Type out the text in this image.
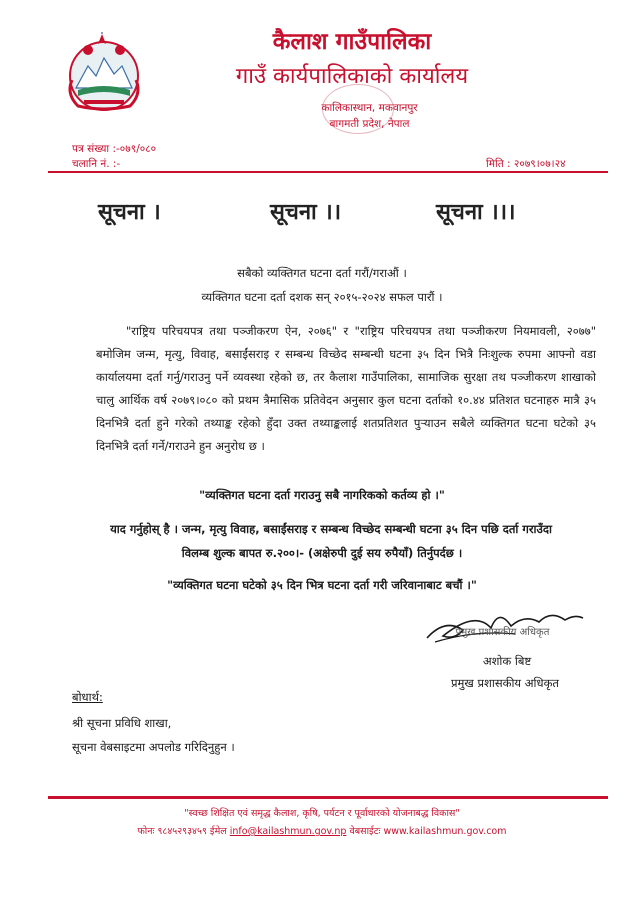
कैलाश गाउँपालिका
गाउँ कार्यपालिकाको कार्यालय
कालिकास्थान, मकवानपुर
बागमती प्रदेश, नेपाल
पत्र संख्या :-०७९/०८०
चलानि नं. :-	मिति : २०७९।०७।२४
सूचना ।	सूचना ।।	सूचना ।।।
सबैको व्यक्तिगत घटना दर्ता गरौं/गराऔं ।
व्यक्तिगत घटना दर्ता दशक सन् २०१५-२०२४ सफल पारौं ।
"राष्ट्रिय परिचयपत्र तथा पञ्जीकरण ऐन, २०७६" र "राष्ट्रिय परिचयपत्र तथा पञ्जीकरण नियमावली, २०७७" बमोजिम जन्म, मृत्यु, विवाह, बसाईंसराइ र सम्बन्ध विच्छेद सम्बन्धी घटना ३५ दिन भित्रै निःशुल्क रुपमा आफ्नो वडा कार्यालयमा दर्ता गर्नु/गराउनु पर्ने व्यवस्था रहेको छ, तर कैलाश गाउँपालिका, सामाजिक सुरक्षा तथ पञ्जीकरण शाखाको चालु आर्थिक वर्ष २०७९।०८० को प्रथम त्रैमासिक प्रतिवेदन अनुसार कुल घटना दर्ताको १०.४४ प्रतिशत घटनाहरु मात्रै ३५ दिनभित्रै दर्ता हुने गरेको तथ्याङ्क रहेको हुँदा उक्त तथ्याङ्कलाई शतप्रतिशत पुऱ्याउन सबैले व्यक्तिगत घटना घटेको ३५ दिनभित्रै दर्ता गर्ने/गराउने हुन अनुरोध छ ।
"व्यक्तिगत घटना दर्ता गराउनु सबै नागरिकको कर्तव्य हो ।"
याद गर्नुहोस् है । जन्म, मृत्यु विवाह, बसाईंसराइ र सम्बन्ध विच्छेद सम्बन्धी घटना ३५ दिन पछि दर्ता गराउँदा
विलम्ब शुल्क बापत रु.२००।- (अक्षेरुपी दुई सय रुपैयाँ) तिर्नुपर्दछ ।
"व्यक्तिगत घटना घटेको ३५ दिन भित्र घटना दर्ता गरी जरिवानाबाट बचौं ।"
प्रमुख प्रशासकीय अधिकृत
अशोक बिष्ट
प्रमुख प्रशासकीय अधिकृत
बोधार्थ:
श्री सूचना प्रविधि शाखा,
सूचना वेबसाइटमा अपलोड गरिदिनुहुन ।
"स्वच्छ शिक्षित एवं समृद्ध कैलाश, कृषि, पर्यटन र पूर्वाधारको योजनाबद्ध विकास"
फोनः ९८४५२९३४५९ ईमेल info@kailashmun.gov.np वेबसाईटः www.kailashmun.gov.com
